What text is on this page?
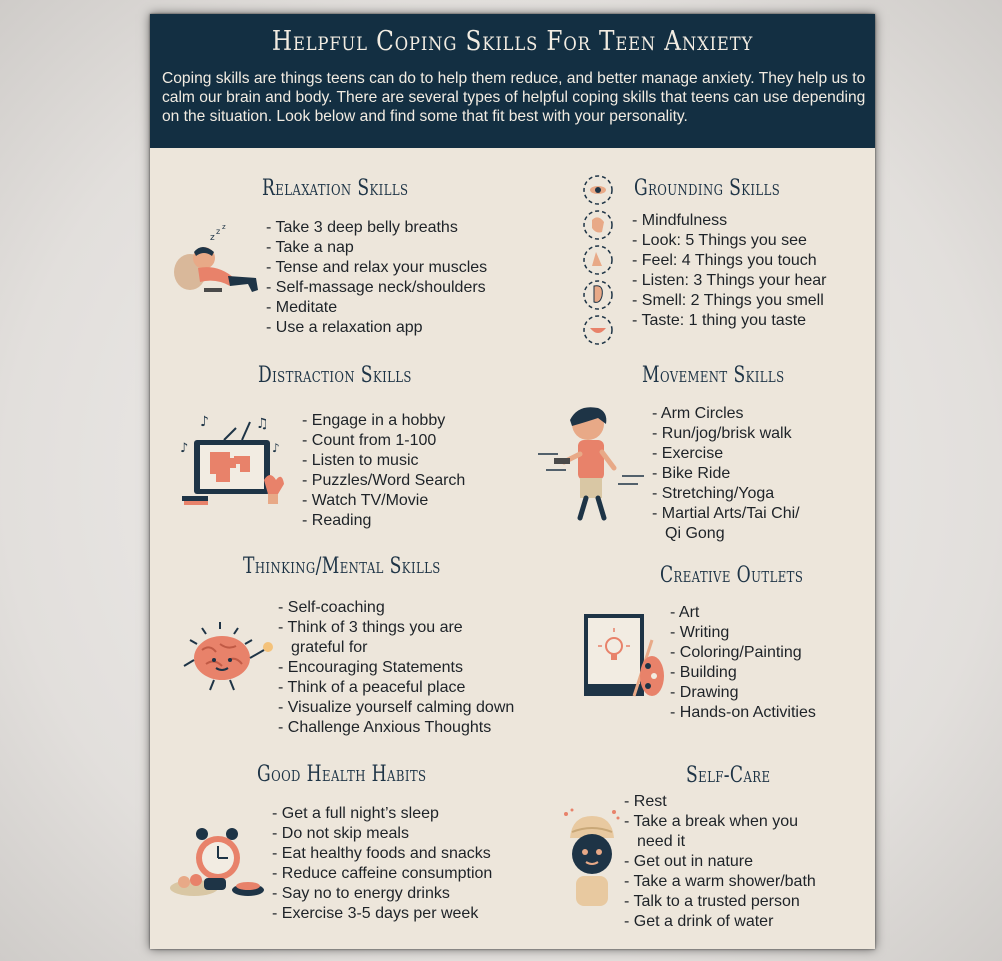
Helpful Coping Skills For Teen Anxiety

Coping skills are things teens can do to help them reduce, and better manage anxiety. They help us to calm our brain and body. There are several types of helpful coping skills that teens can use depending on the situation. Look below and find some that fit best with your personality.

Relaxation Skills
- Take 3 deep belly breaths
- Take a nap
- Tense and relax your muscles
- Self-massage neck/shoulders
- Meditate
- Use a relaxation app
z
z z
Grounding Skills
- Mindfulness
- Look: 5 Things you see
- Feel: 4 Things you touch
- Listen: 3 Things your hear
- Smell: 2 Things you smell
- Taste: 1 thing you taste
Distraction Skills
- Engage in a hobby
- Count from 1-100
- Listen to music
- Puzzles/Word Search
- Watch TV/Movie
- Reading
♪	♫
♪	♪
Movement Skills
- Arm Circles
- Run/jog/brisk walk
- Exercise
- Bike Ride
- Stretching/Yoga
- Martial Arts/Tai Chi/
Qi Gong
Thinking/Mental Skills
- Self-coaching
- Think of 3 things you are
grateful for
- Encouraging Statements
- Think of a peaceful place
- Visualize yourself calming down
- Challenge Anxious Thoughts
Creative Outlets
- Art
- Writing
- Coloring/Painting
- Building
- Drawing
- Hands-on Activities
Good Health Habits
- Get a full night’s sleep
- Do not skip meals
- Eat healthy foods and snacks
- Reduce caffeine consumption
- Say no to energy drinks
- Exercise 3-5 days per week
Self-Care
- Rest
- Take a break when you
need it
- Get out in nature
- Take a warm shower/bath
- Talk to a trusted person
- Get a drink of water
